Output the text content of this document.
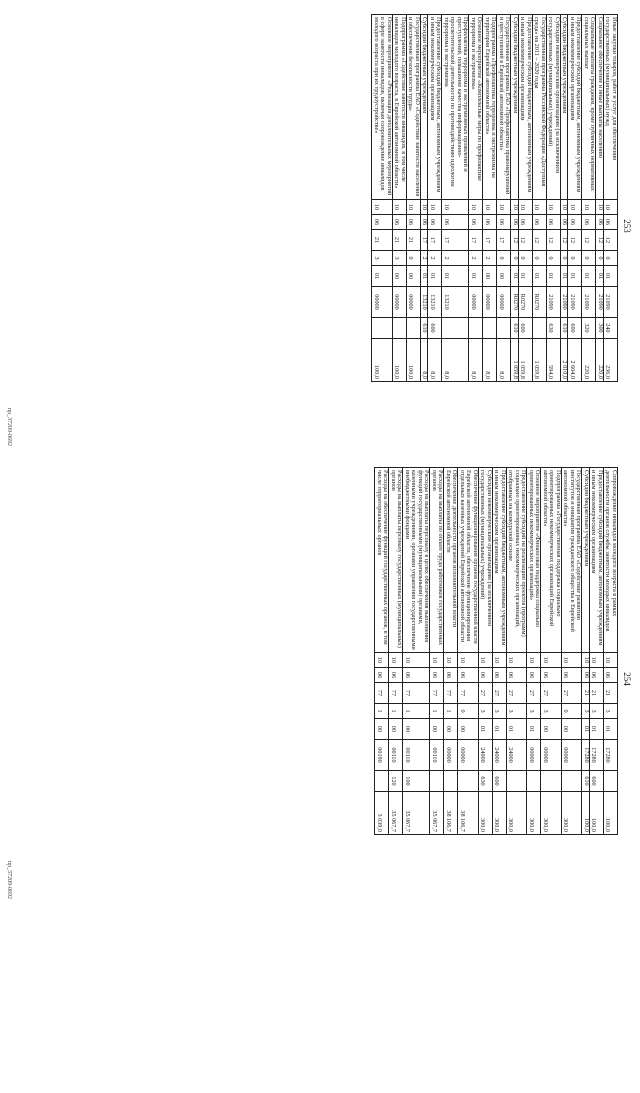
253
Иные закупки товаров, работ и услуг для обеспечения государственных (муниципальных) нужд	10	06	12	0	01	21090	240	236,0
Социальное обеспечение и иные выплаты населению	10	06	12	0	01	21090	300	220,0
Социальные выплаты гражданам, кроме публичных нормативных социальных выплат	10	06	12	0	01	21090	320	220,0
Предоставление субсидий бюджетным, автономным учреждениям и иным некоммерческим организациям	10	06	12	0	01	21090	600	2 604,0
Субсидии бюджетным учреждениям	10	06	12	0	01	21090	610	2 010,0
Субсидии некоммерческим организациям (за исключением государственных (муниципальных) учреждений)	10	06	12	0	01	21090	630	594,0
Государственная программа Российской Федерации «Доступная среда» на 2011 – 2020 годы	10	06	12	0	01	R0270		1 059,8
Предоставление субсидий бюджетным, автономным учреждениям и иным некоммерческим организациям	10	06	12	0	01	R0270	600	1 059,8
Субсидии бюджетным учреждениям	10	06	12	0	01	R0270	610	1 059,8
Государственная программа ЕАО «Профилактика правонарушений и преступлений в Еврейской автономной области»	10	06	17	0	00	00000		8,0
Подпрограмма «Профилактика терроризма и экстремизма на территории Еврейской автономной области»	10	06	17	2	00	00000		8,0
Основное мероприятие «Комплексные меры по профилактике терроризма и экстремизма»	10	06	17	2	01	00000		8,0
Профилактика терроризма и экстремизмных проявлений и преступлений, повышение качества информационно-просветительской деятельности по противодействию идеологии терроризма и экстремизма	10	06	17	2	01	13210		8,0
Предоставление субсидий бюджетным, автономным учреждениям и иным некоммерческим организациям	10	06	17	2	01	13210	600	8,0
Субсидии бюджетным учреждениям	10	06	17	2	01	13210	610	8,0
Государственная программа ЕАО «Содействие занятости населения и обеспечение безопасности труда»	10	06	21	0	00	00000		100,0
Подпрограмма «Содействие занятости инвалидов, в том числе инвалидов молодого возраста, в Еврейской автономной области»	10	06	21	3	00	00000		100,0
Основное мероприятие «Реализация дополнительных мероприятий в сфере занятости инвалидов, включая сопровождение инвалидов молодого возраста при их трудоустройстве»	10	06	21	3	01	00000		100,0
пр_37209-0692
254
Сопровождение инвалидов молодого возраста в рамках деятельности органов службы занятости молодых инвалидов	10	06	21	3	01	17280		100,0
Предоставление субсидий бюджетным, автономным учреждениям и иным некоммерческим организациям	10	06	21	3	01	17280	600	100,0
Субсидии бюджетным учреждениям	10	06	21	3	01	17280	610	100,0
Государственная программа ЕАО «Содействие развитию институтов и инициатив гражданского общества в Еврейской автономной области»	10	06	27	0	00	00000		300,0
Подпрограмма «Государственная поддержка социально ориентированных некоммерческих организаций Еврейской автономной области»	10	06	27	3	00	00000		300,0
Основное мероприятие «Финансовая поддержка социально ориентированных некоммерческих организаций»	10	06	27	3	01	00000		300,0
Предоставление субсидий на реализацию проектов (программ) социально ориентированных некоммерческих организаций, отобранных на конкурсной основе	10	06	27	3	01	24000		300,0
Предоставление субсидий бюджетным, автономным учреждениям и иным некоммерческим организациям	10	06	27	3	01	24000	600	300,0
Субсидии некоммерческим организациям (за исключением государственных (муниципальных) учреждений)	10	06	27	3	01	24000	630	300,0
Обеспечение функционирования органов государственной власти Еврейской автономной области, обеспечение функционирования отдельных казенных учреждений Еврейской автономной области	10	06	77	0	00	00000		38 106,7
Обеспечение деятельности органов исполнительной власти Еврейской автономной области	10	06	77	1	00	00000		38 106,7
Расходы на выплаты по оплате труда работников государственных органов	10	06	77	1	00	00110		35 067,7
Расходы на выплаты персоналу в целях обеспечения выполнения функций государственными (муниципальными) органами, казенными учреждениями, органами управления государственными внебюджетными фондами	10	06	77	1	00	00110	100	35 067,7
Расходы на выплаты персоналу государственных (муниципальных) органов	10	06	77	1	00	00110	120	35 067,7
Расходы на обеспечение функций государственных органов, в том числе территориальных органов	10	06	77	1	00	00190		3 039,0
пр_37209-0692
